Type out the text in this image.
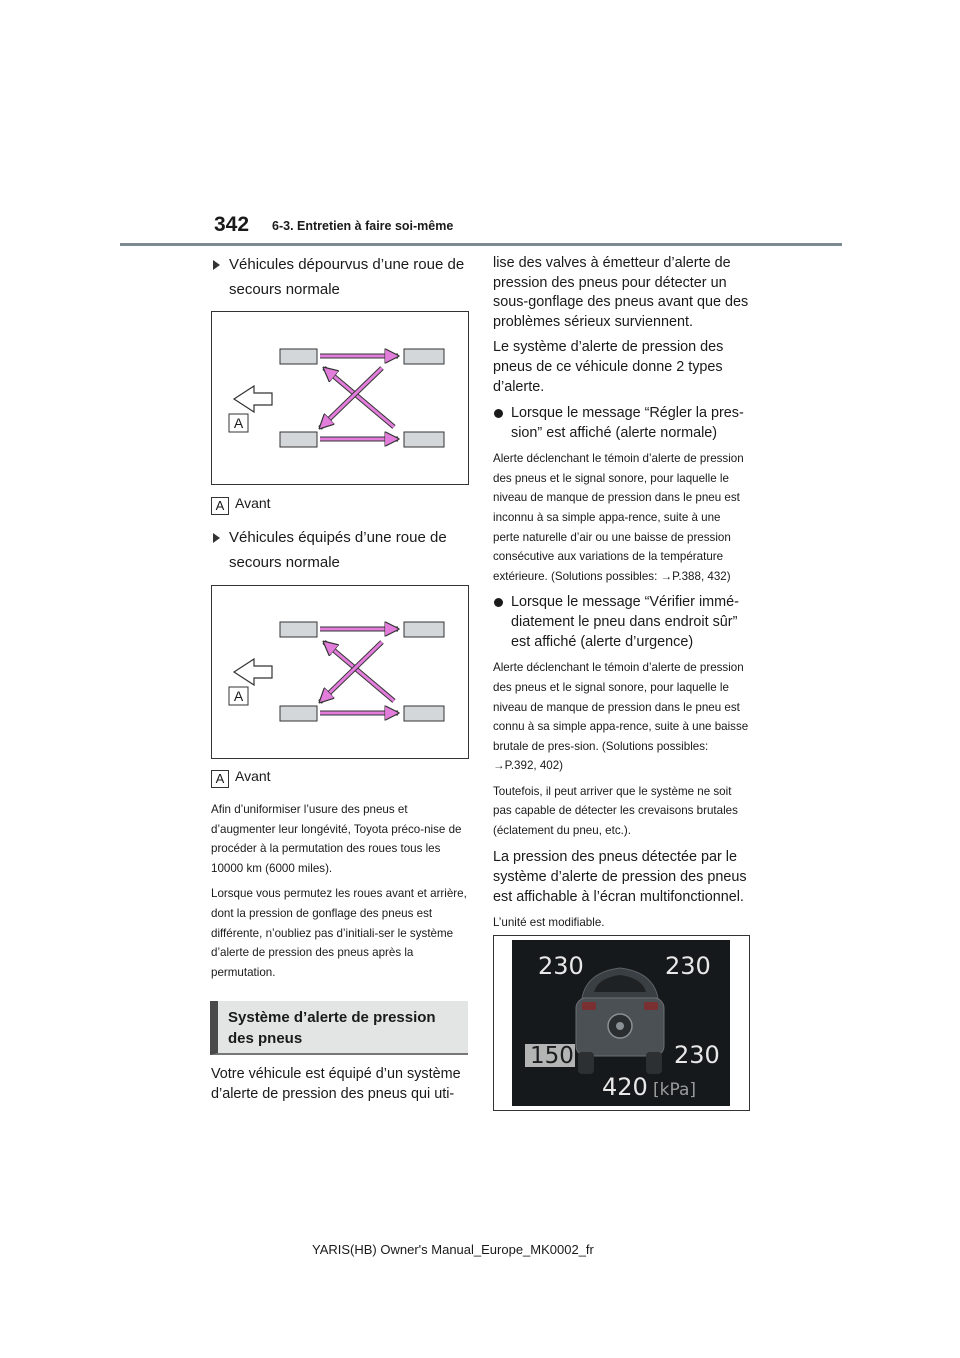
342 6-3. Entretien à faire soi-même
Véhicules dépourvus d’une roue de secours normale
A
A Avant
Véhicules équipés d’une roue de secours normale
A
A Avant

Afin d’uniformiser l’usure des pneus et d’augmenter leur longévité, Toyota préco-nise de procéder à la permutation des roues tous les 10000 km (6000 miles).

Lorsque vous permutez les roues avant et arrière, dont la pression de gonflage des pneus est différente, n’oubliez pas d’initiali-ser le système d’alerte de pression des pneus après la permutation.

Système d’alerte de pression des pneus

Votre véhicule est équipé d’un système d’alerte de pression des pneus qui uti-

lise des valves à émetteur d’alerte de pression des pneus pour détecter un sous-gonflage des pneus avant que des problèmes sérieux surviennent.

Le système d’alerte de pression des pneus de ce véhicule donne 2 types d’alerte.

Lorsque le message “Régler la pres-sion” est affiché (alerte normale)

Alerte déclenchant le témoin d’alerte de pression des pneus et le signal sonore, pour laquelle le niveau de manque de pression dans le pneu est inconnu à sa simple appa-rence, suite à une perte naturelle d’air ou une baisse de pression consécutive aux variations de la température extérieure. (Solutions possibles: →P.388, 432)

Lorsque le message “Vérifier immé-diatement le pneu dans endroit sûr” est affiché (alerte d’urgence)

Alerte déclenchant le témoin d’alerte de pression des pneus et le signal sonore, pour laquelle le niveau de manque de pression dans le pneu est connu à sa simple appa-rence, suite à une baisse brutale de pres-sion. (Solutions possibles: →P.392, 402)

Toutefois, il peut arriver que le système ne soit pas capable de détecter les crevaisons brutales (éclatement du pneu, etc.).

La pression des pneus détectée par le système d’alerte de pression des pneus est affichable à l’écran multifonctionnel.

L’unité est modifiable.

230	230
150	230
420 [kPa]
YARIS(HB) Owner's Manual_Europe_MK0002_fr
